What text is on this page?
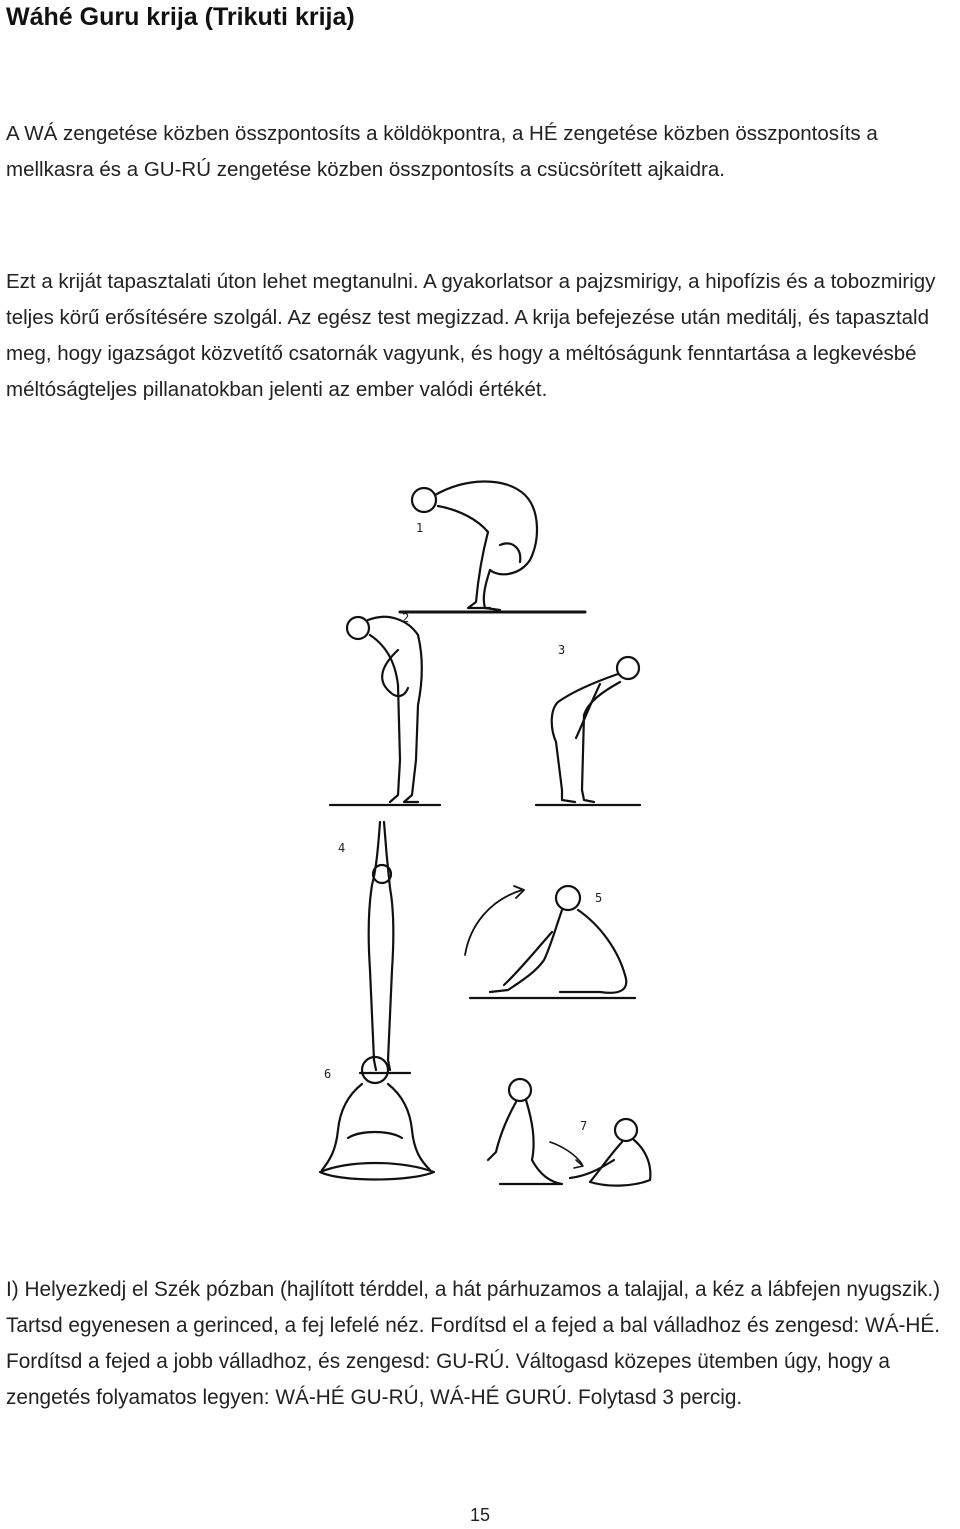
Wáhé Guru krija (Trikuti krija)

A WÁ zengetése közben összpontosíts a köldökpontra, a HÉ zengetése közben összpontosíts a mellkasra és a GU-RÚ zengetése közben összpontosíts a csücsörített ajkaidra.

Ezt a kriját tapasztalati úton lehet megtanulni. A gyakorlatsor a pajzsmirigy, a hipofízis és a tobozmirigy teljes körű erősítésére szolgál. Az egész test megizzad. A krija befejezése után meditálj, és tapasztald meg, hogy igazságot közvetítő csatornák vagyunk, és hogy a méltóságunk fenntartása a legkevésbé méltóságteljes pillanatokban jelenti az ember valódi értékét.

1
2
3
4
5
6
7

I) Helyezkedj el Szék pózban (hajlított térddel, a hát párhuzamos a talajjal, a kéz a lábfejen nyugszik.) Tartsd egyenesen a gerinced, a fej lefelé néz. Fordítsd el a fejed a bal válladhoz és zengesd: WÁ-HÉ. Fordítsd a fejed a jobb válladhoz, és zengesd: GU-RÚ. Váltogasd közepes ütemben úgy, hogy a zengetés folyamatos legyen: WÁ-HÉ GU-RÚ, WÁ-HÉ GURÚ. Folytasd 3 percig.

15
